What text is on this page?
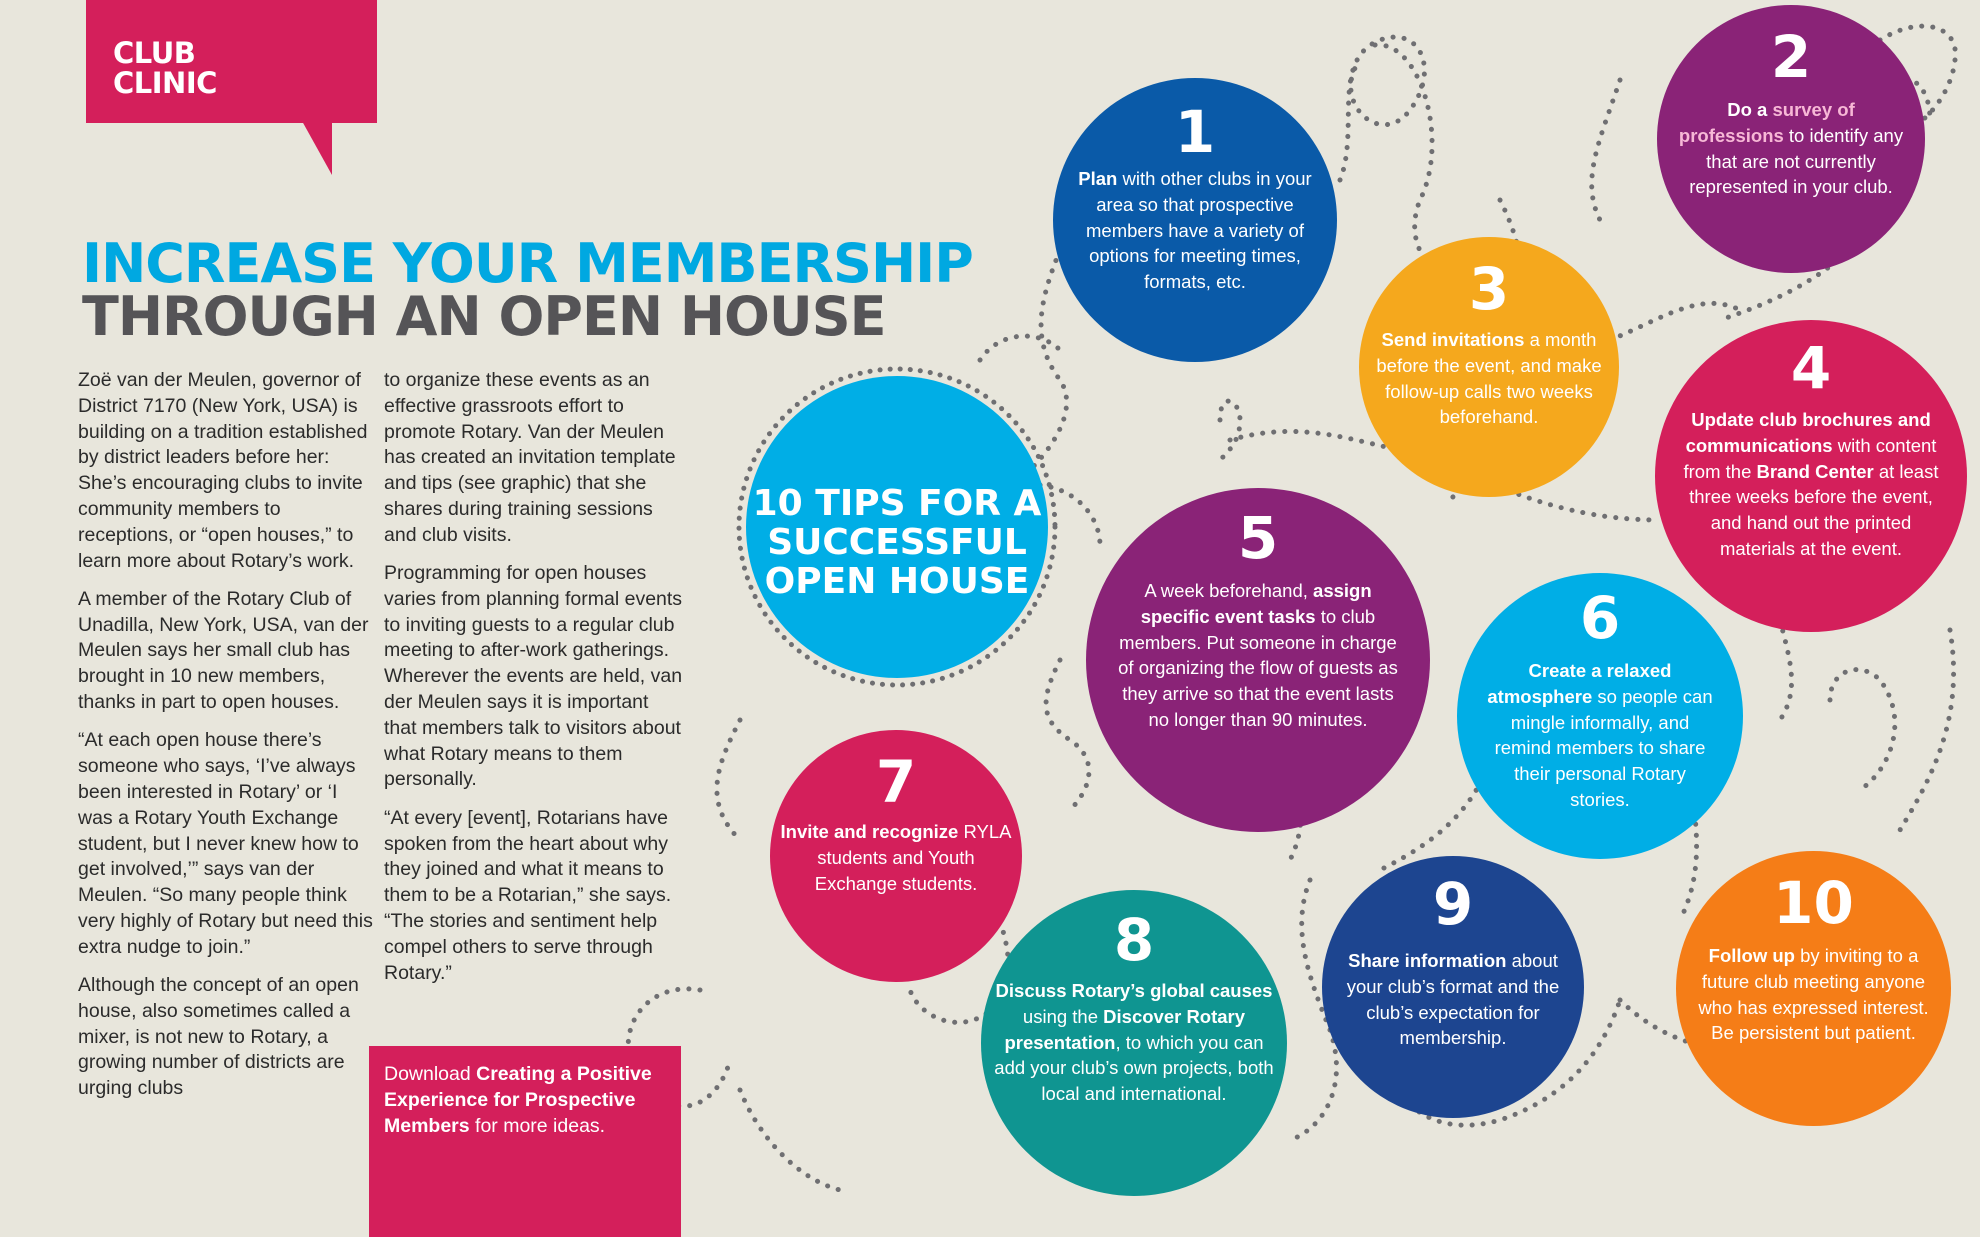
CLUB
CLINIC
INCREASE YOUR MEMBERSHIP
THROUGH AN OPEN HOUSE

Zoë van der Meulen, governor of District 7170 (New York, USA) is building on a tradition established by district leaders before her: She’s encouraging clubs to invite community members to receptions, or “open houses,” to learn more about Rotary’s work.

A member of the Rotary Club of Unadilla, New York, USA, van der Meulen says her small club has brought in 10 new members, thanks in part to open houses.

“At each open house there’s someone who says, ‘I’ve always been interested in Rotary’ or ‘I was a Rotary Youth Exchange student, but I never knew how to get involved,’” says van der Meulen. “So many people think very highly of Rotary but need this extra nudge to join.”

Although the concept of an open house, also sometimes called a mixer, is not new to Rotary, a growing number of districts are urging clubs

to organize these events as an effective grassroots effort to promote Rotary. Van der Meulen has created an invitation template and tips (see graphic) that she shares during training sessions and club visits.

Programming for open houses varies from planning formal events to inviting guests to a regular club meeting to after-work gatherings. Wherever the events are held, van der Meulen says it is important that members talk to visitors about what Rotary means to them personally.

“At every [event], Rotarians have spoken from the heart about why they joined and what it means to them to be a Rotarian,” she says. “The stories and sentiment help compel others to serve through Rotary.”

Download Creating a Positive Experience for Prospective Members for more ideas.
10 TIPS FOR A
SUCCESSFUL
OPEN HOUSE
1
Plan with other clubs in your area so that prospective members have a variety of options for meeting times, formats, etc.
2
Do a survey of professions to identify any that are not currently represented in your club.
3
Send invitations a month before the event, and make follow-up calls two weeks beforehand.
4
Update club brochures and communications with content from the Brand Center at least three weeks before the event, and hand out the printed materials at the event.
5
A week beforehand, assign specific event tasks to club members. Put someone in charge of organizing the flow of guests as they arrive so that the event lasts no longer than 90 minutes.
6
Create a relaxed atmosphere so people can mingle informally, and remind members to share their personal Rotary stories.
7
Invite and recognize RYLA students and Youth Exchange students.
8
Discuss Rotary’s global causes using the Discover Rotary presentation, to which you can add your club’s own projects, both local and international.
9
Share information about your club’s format and the club’s expectation for membership.
10
Follow up by inviting to a future club meeting anyone who has expressed interest. Be persistent but patient.
